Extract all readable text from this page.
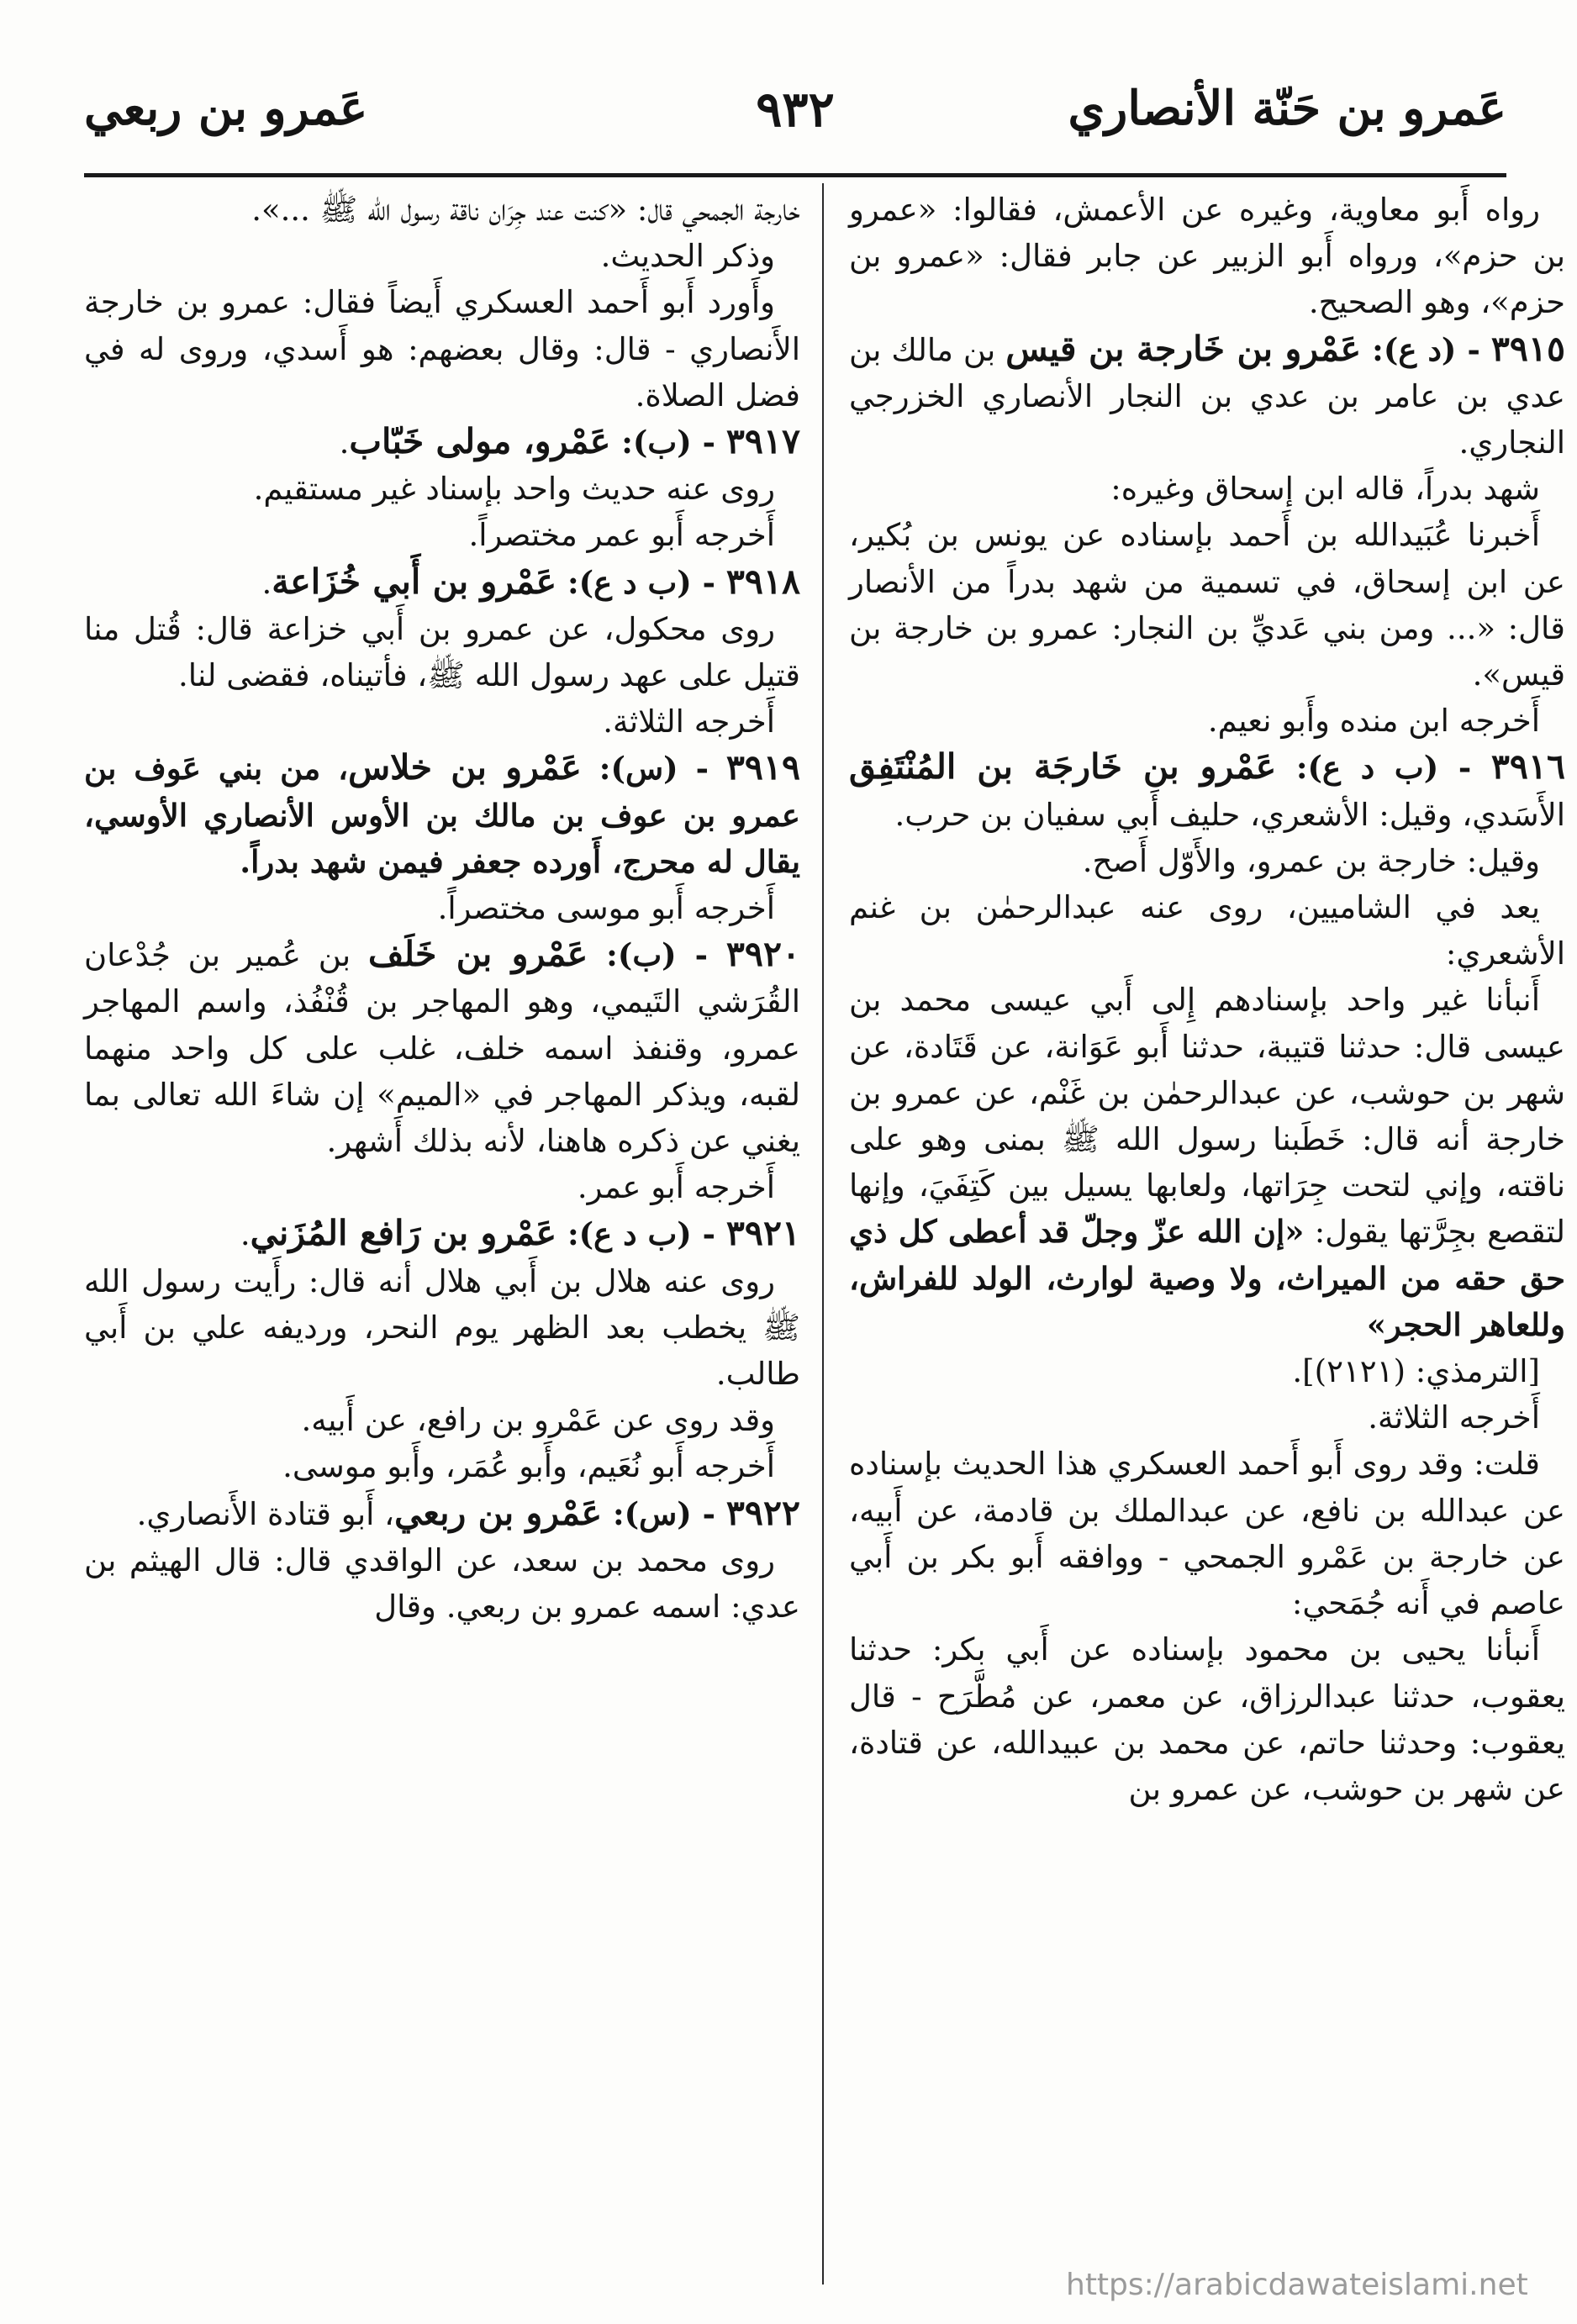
عَمرو بن حَنّة الأنصاري
٩٣٢
عَمرو بن ربعي

رواه أَبو معاوية، وغيره عن الأعمش، فقالوا: «عمرو بن حزم»، ورواه أَبو الزبير عن جابر فقال: «عمرو بن حزم»، وهو الصحيح.

٣٩١٥ - (د ع): عَمْرو بن خَارجة بن قيس بن مالك بن عدي بن عامر بن عدي بن النجار الأنصاري الخزرجي النجاري.

شهد بدراً، قاله ابن إسحاق وغيره:

أَخبرنا عُبَيدالله بن أَحمد بإسناده عن يونس بن بُكير، عن ابن إسحاق، في تسمية من شهد بدراً من الأنصار قال: «... ومن بني عَديِّ بن النجار: عمرو بن خارجة بن قيس».

أَخرجه ابن منده وأَبو نعيم.

٣٩١٦ - (ب د ع): عَمْرو بن خَارجَة بن المُنْتَفِق الأَسَدي، وقيل: الأشعري، حليف أَبي سفيان بن حرب.

وقيل: خارجة بن عمرو، والأَوّل أَصح.

يعد في الشاميين، روى عنه عبدالرحمٰن بن غنم الأشعري:

أَنبأنا غير واحد بإسنادهم إِلى أَبي عيسى محمد بن عيسى قال: حدثنا قتيبة، حدثنا أَبو عَوَانة، عن قَتَادة، عن شهر بن حوشب، عن عبدالرحمٰن بن غَنْم، عن عمرو بن خارجة أنه قال: خَطَبنا رسول الله ﷺ بمنى وهو على ناقته، وإني لتحت جِرَاتها، ولعابها يسيل بين كَتِفَيَ، وإنها لتقصع بجِرَّتها يقول: «إن الله عزّ وجلّ قد أعطى كل ذي حق حقه من الميراث، ولا وصية لوارث، الولد للفراش، وللعاهر الحجر»

[الترمذي: (٢١٢١)].

أَخرجه الثلاثة.

قلت: وقد روى أَبو أَحمد العسكري هذا الحديث بإسناده عن عبدالله بن نافع، عن عبدالملك بن قادمة، عن أَبيه، عن خارجة بن عَمْرو الجمحي - ووافقه أَبو بكر بن أَبي عاصم في أَنه جُمَحي:

أَنبأنا يحيى بن محمود بإسناده عن أَبي بكر: حدثنا يعقوب، حدثنا عبدالرزاق، عن معمر، عن مُطَّرَح - قال يعقوب: وحدثنا حاتم، عن محمد بن عبيدالله، عن قتادة، عن شهر بن حوشب، عن عمرو بن

خارجة الجمحي قال: «كنت عند جِرَان ناقة رسول الله ﷺ ...».

وذكر الحديث.

وأَورد أَبو أَحمد العسكري أَيضاً فقال: عمرو بن خارجة الأَنصاري - قال: وقال بعضهم: هو أَسدي، وروى له في فضل الصلاة.

٣٩١٧ - (ب): عَمْرو، مولى خَبّاب.

روى عنه حديث واحد بإسناد غير مستقيم.

أَخرجه أَبو عمر مختصراً.

٣٩١٨ - (ب د ع): عَمْرو بن أَبي خُزَاعة.

روى محكول، عن عمرو بن أَبي خزاعة قال: قُتل منا قتيل على عهد رسول الله ﷺ، فأتيناه، فقضى لنا.

أَخرجه الثلاثة.

٣٩١٩ - (س): عَمْرو بن خلاس، من بني عَوف بن عمرو بن عوف بن مالك بن الأوس الأنصاري الأوسي، يقال له محرج، أَورده جعفر فيمن شهد بدراً.

أَخرجه أَبو موسى مختصراً.

٣٩٢٠ - (ب): عَمْرو بن خَلَف بن عُمير بن جُدْعان القُرَشي التَيمي، وهو المهاجر بن قُنْفُذ، واسم المهاجر عمرو، وقنفذ اسمه خلف، غلب على كل واحد منهما لقبه، ويذكر المهاجر في «الميم» إن شاءَ الله تعالى بما يغني عن ذكره هاهنا، لأنه بذلك أَشهر.

أَخرجه أَبو عمر.

٣٩٢١ - (ب د ع): عَمْرو بن رَافع المُزَني.

روى عنه هلال بن أَبي هلال أنه قال: رأَيت رسول الله ﷺ يخطب بعد الظهر يوم النحر، ورديفه علي بن أَبي طالب.

وقد روى عن عَمْرو بن رافع، عن أَبيه.

أَخرجه أَبو نُعَيم، وأَبو عُمَر، وأَبو موسى.

٣٩٢٢ - (س): عَمْرو بن ربعي، أَبو قتادة الأَنصاري.

روى محمد بن سعد، عن الواقدي قال: قال الهيثم بن عدي: اسمه عمرو بن ربعي. وقال

https://arabicdawateislami.net
